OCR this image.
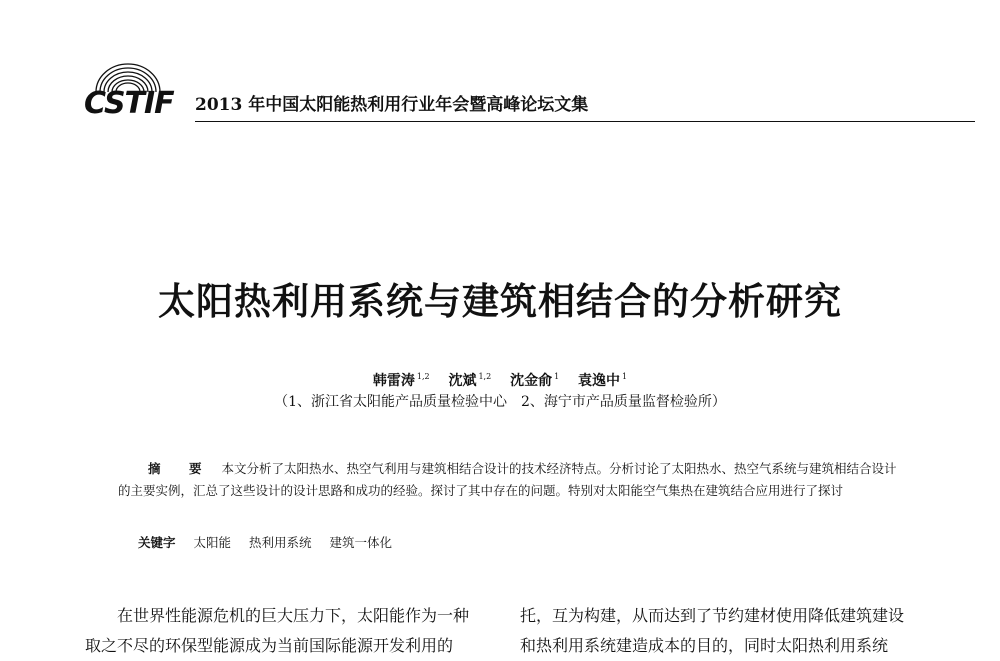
CSTIF 2013 年中国太阳能热利用行业年会暨高峰论坛文集
太阳热利用系统与建筑相结合的分析研究
韩雷涛 $^{1,2}$ 沈斌 $^{1,2}$ 沈金俞 $^1$ 袁逸中 $^1$
（1、浙江省太阳能产品质量检验中心　2、海宁市产品质量监督检验所）
摘　要 本文分析了太阳热水、热空气利用与建筑相结合设计的技术经济特点。分析讨论了太阳热水、热空气系统与建筑相结合设计的主要实例，汇总了这些设计的设计思路和成功的经验。探讨了其中存在的问题。特别对太阳能空气集热在建筑结合应用进行了探讨
关键字 太阳能 热利用系统 建筑一体化
在世界性能源危机的巨大压力下，太阳能作为一种
取之不尽的环保型能源成为当前国际能源开发利用的
托，互为构建，从而达到了节约建材使用降低建筑建设
和热利用系统建造成本的目的，同时太阳热利用系统
